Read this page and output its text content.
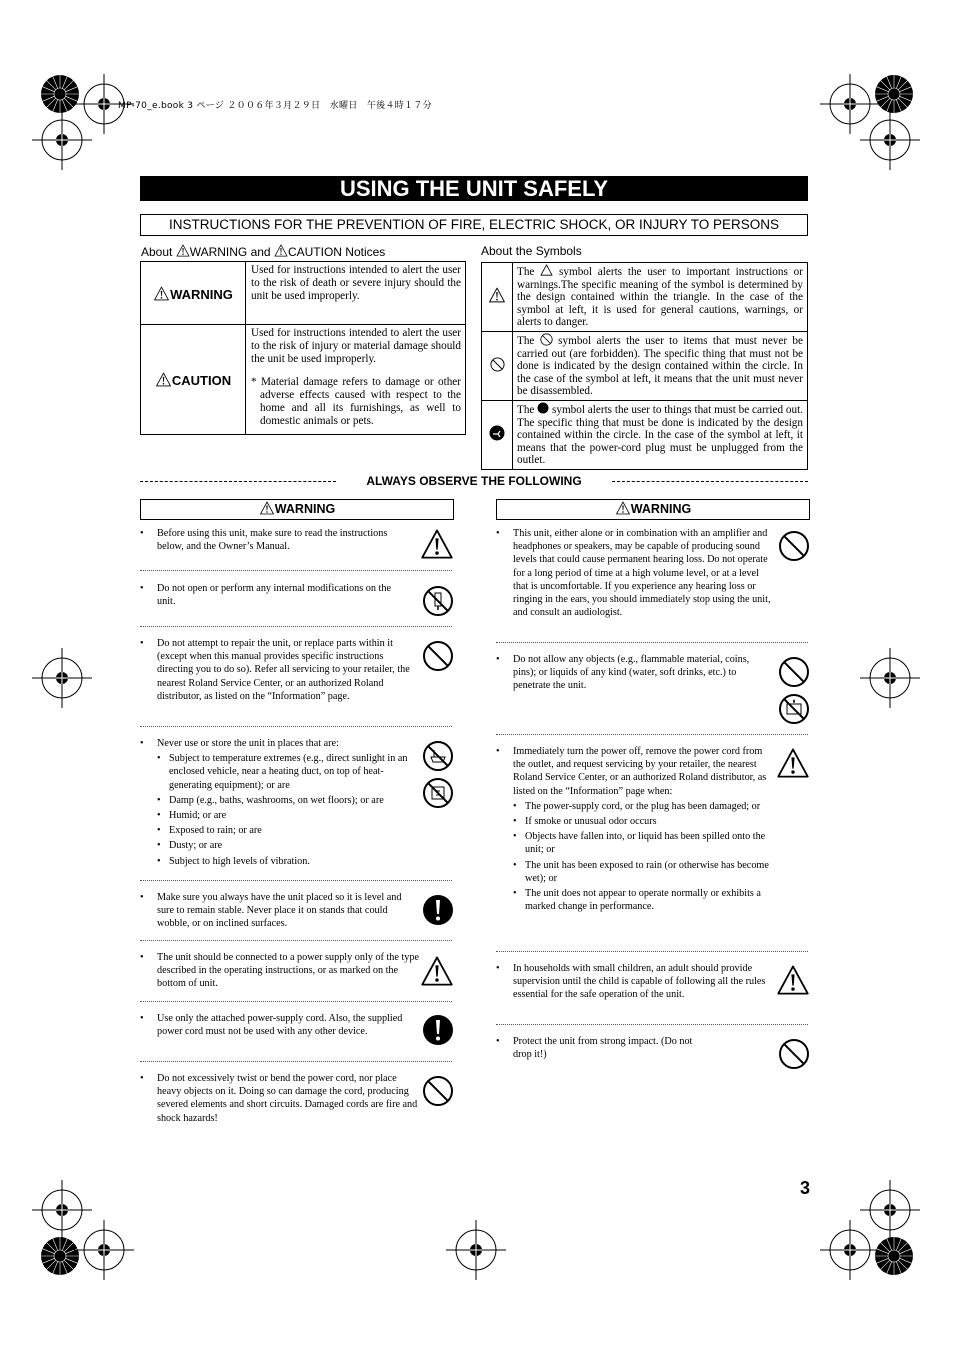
MP-70_e.book 3 ページ ２００６年３月２９日　水曜日　午後４時１７分
USING THE UNIT SAFELY
INSTRUCTIONS FOR THE PREVENTION OF FIRE, ELECTRIC SHOCK, OR INJURY TO PERSONS
About WARNING and CAUTION Notices
WARNING	Used for instructions intended to alert the user to the risk of death or severe injury should the unit be used improperly.
CAUTION	Used for instructions intended to alert the user to the risk of injury or material damage should the unit be used improperly.
* Material damage refers to damage or other adverse effects caused with respect to the home and all its furnishings, as well to domestic animals or pets.
About the Symbols
	The  symbol alerts the user to important instructions or warnings.The specific meaning of the symbol is determined by the design contained within the triangle. In the case of the symbol at left, it is used for general cautions, warnings, or alerts to danger.
	The  symbol alerts the user to items that must never be carried out (are forbidden). The specific thing that must not be done is indicated by the design contained within the circle. In the case of the symbol at left, it means that the unit must never be disassembled.
	The  symbol alerts the user to things that must be carried out. The specific thing that must be done is indicated by the design contained within the circle. In the case of the symbol at left, it means that the power-cord plug must be unplugged from the outlet.
ALWAYS OBSERVE THE FOLLOWING
WARNING	WARNING
• Before using this unit, make sure to read the instructions below, and the Owner’s Manual.
• Do not open or perform any internal modifications on the unit.
• Do not attempt to repair the unit, or replace parts within it (except when this manual provides specific instructions directing you to do so). Refer all servicing to your retailer, the nearest Roland Service Center, or an authorized Roland distributor, as listed on the “Information” page.
• Never use or store the unit in places that are:
• Subject to temperature extremes (e.g., direct sunlight in an enclosed vehicle, near a heating duct, on top of heat-generating equipment); or are
• Damp (e.g., baths, washrooms, on wet floors); or are
• Humid; or are
• Exposed to rain; or are
• Dusty; or are
• Subject to high levels of vibration.
• Make sure you always have the unit placed so it is level and sure to remain stable. Never place it on stands that could wobble, or on inclined surfaces.
• The unit should be connected to a power supply only of the type described in the operating instructions, or as marked on the bottom of unit.
• Use only the attached power-supply cord. Also, the supplied power cord must not be used with any other device.
• Do not excessively twist or bend the power cord, nor place heavy objects on it. Doing so can damage the cord, producing severed elements and short circuits. Damaged cords are fire and shock hazards!
• This unit, either alone or in combination with an amplifier and headphones or speakers, may be capable of producing sound levels that could cause permanent hearing loss. Do not operate for a long period of time at a high volume level, or at a level that is uncomfortable. If you experience any hearing loss or ringing in the ears, you should immediately stop using the unit, and consult an audiologist.
• Do not allow any objects (e.g., flammable material, coins, pins); or liquids of any kind (water, soft drinks, etc.) to penetrate the unit.
• Immediately turn the power off, remove the power cord from the outlet, and request servicing by your retailer, the nearest Roland Service Center, or an authorized Roland distributor, as listed on the “Information” page when:
• The power-supply cord, or the plug has been damaged; or
• If smoke or unusual odor occurs
• Objects have fallen into, or liquid has been spilled onto the unit; or
• The unit has been exposed to rain (or otherwise has become wet); or
• The unit does not appear to operate normally or exhibits a marked change in performance.
• In households with small children, an adult should provide supervision until the child is capable of following all the rules essential for the safe operation of the unit.
• Protect the unit from strong impact. (Do not drop it!)
3
